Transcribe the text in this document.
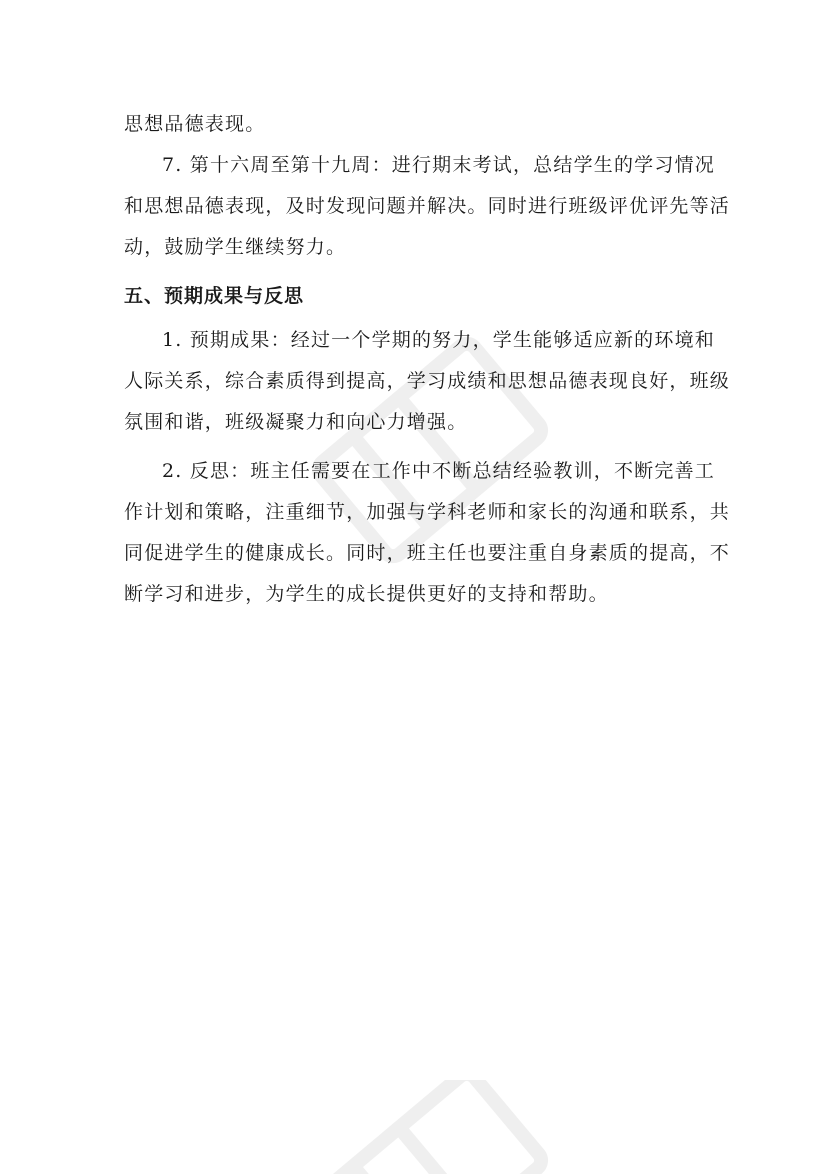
思想品德表现。
7. 第十六周至第十九周：进行期末考试，总结学生的学习情况
和思想品德表现，及时发现问题并解决。同时进行班级评优评先等活
动，鼓励学生继续努力。
五、预期成果与反思
1. 预期成果：经过一个学期的努力，学生能够适应新的环境和
人际关系，综合素质得到提高，学习成绩和思想品德表现良好，班级
氛围和谐，班级凝聚力和向心力增强。
2. 反思：班主任需要在工作中不断总结经验教训，不断完善工
作计划和策略，注重细节，加强与学科老师和家长的沟通和联系，共
同促进学生的健康成长。同时，班主任也要注重自身素质的提高，不
断学习和进步，为学生的成长提供更好的支持和帮助。
